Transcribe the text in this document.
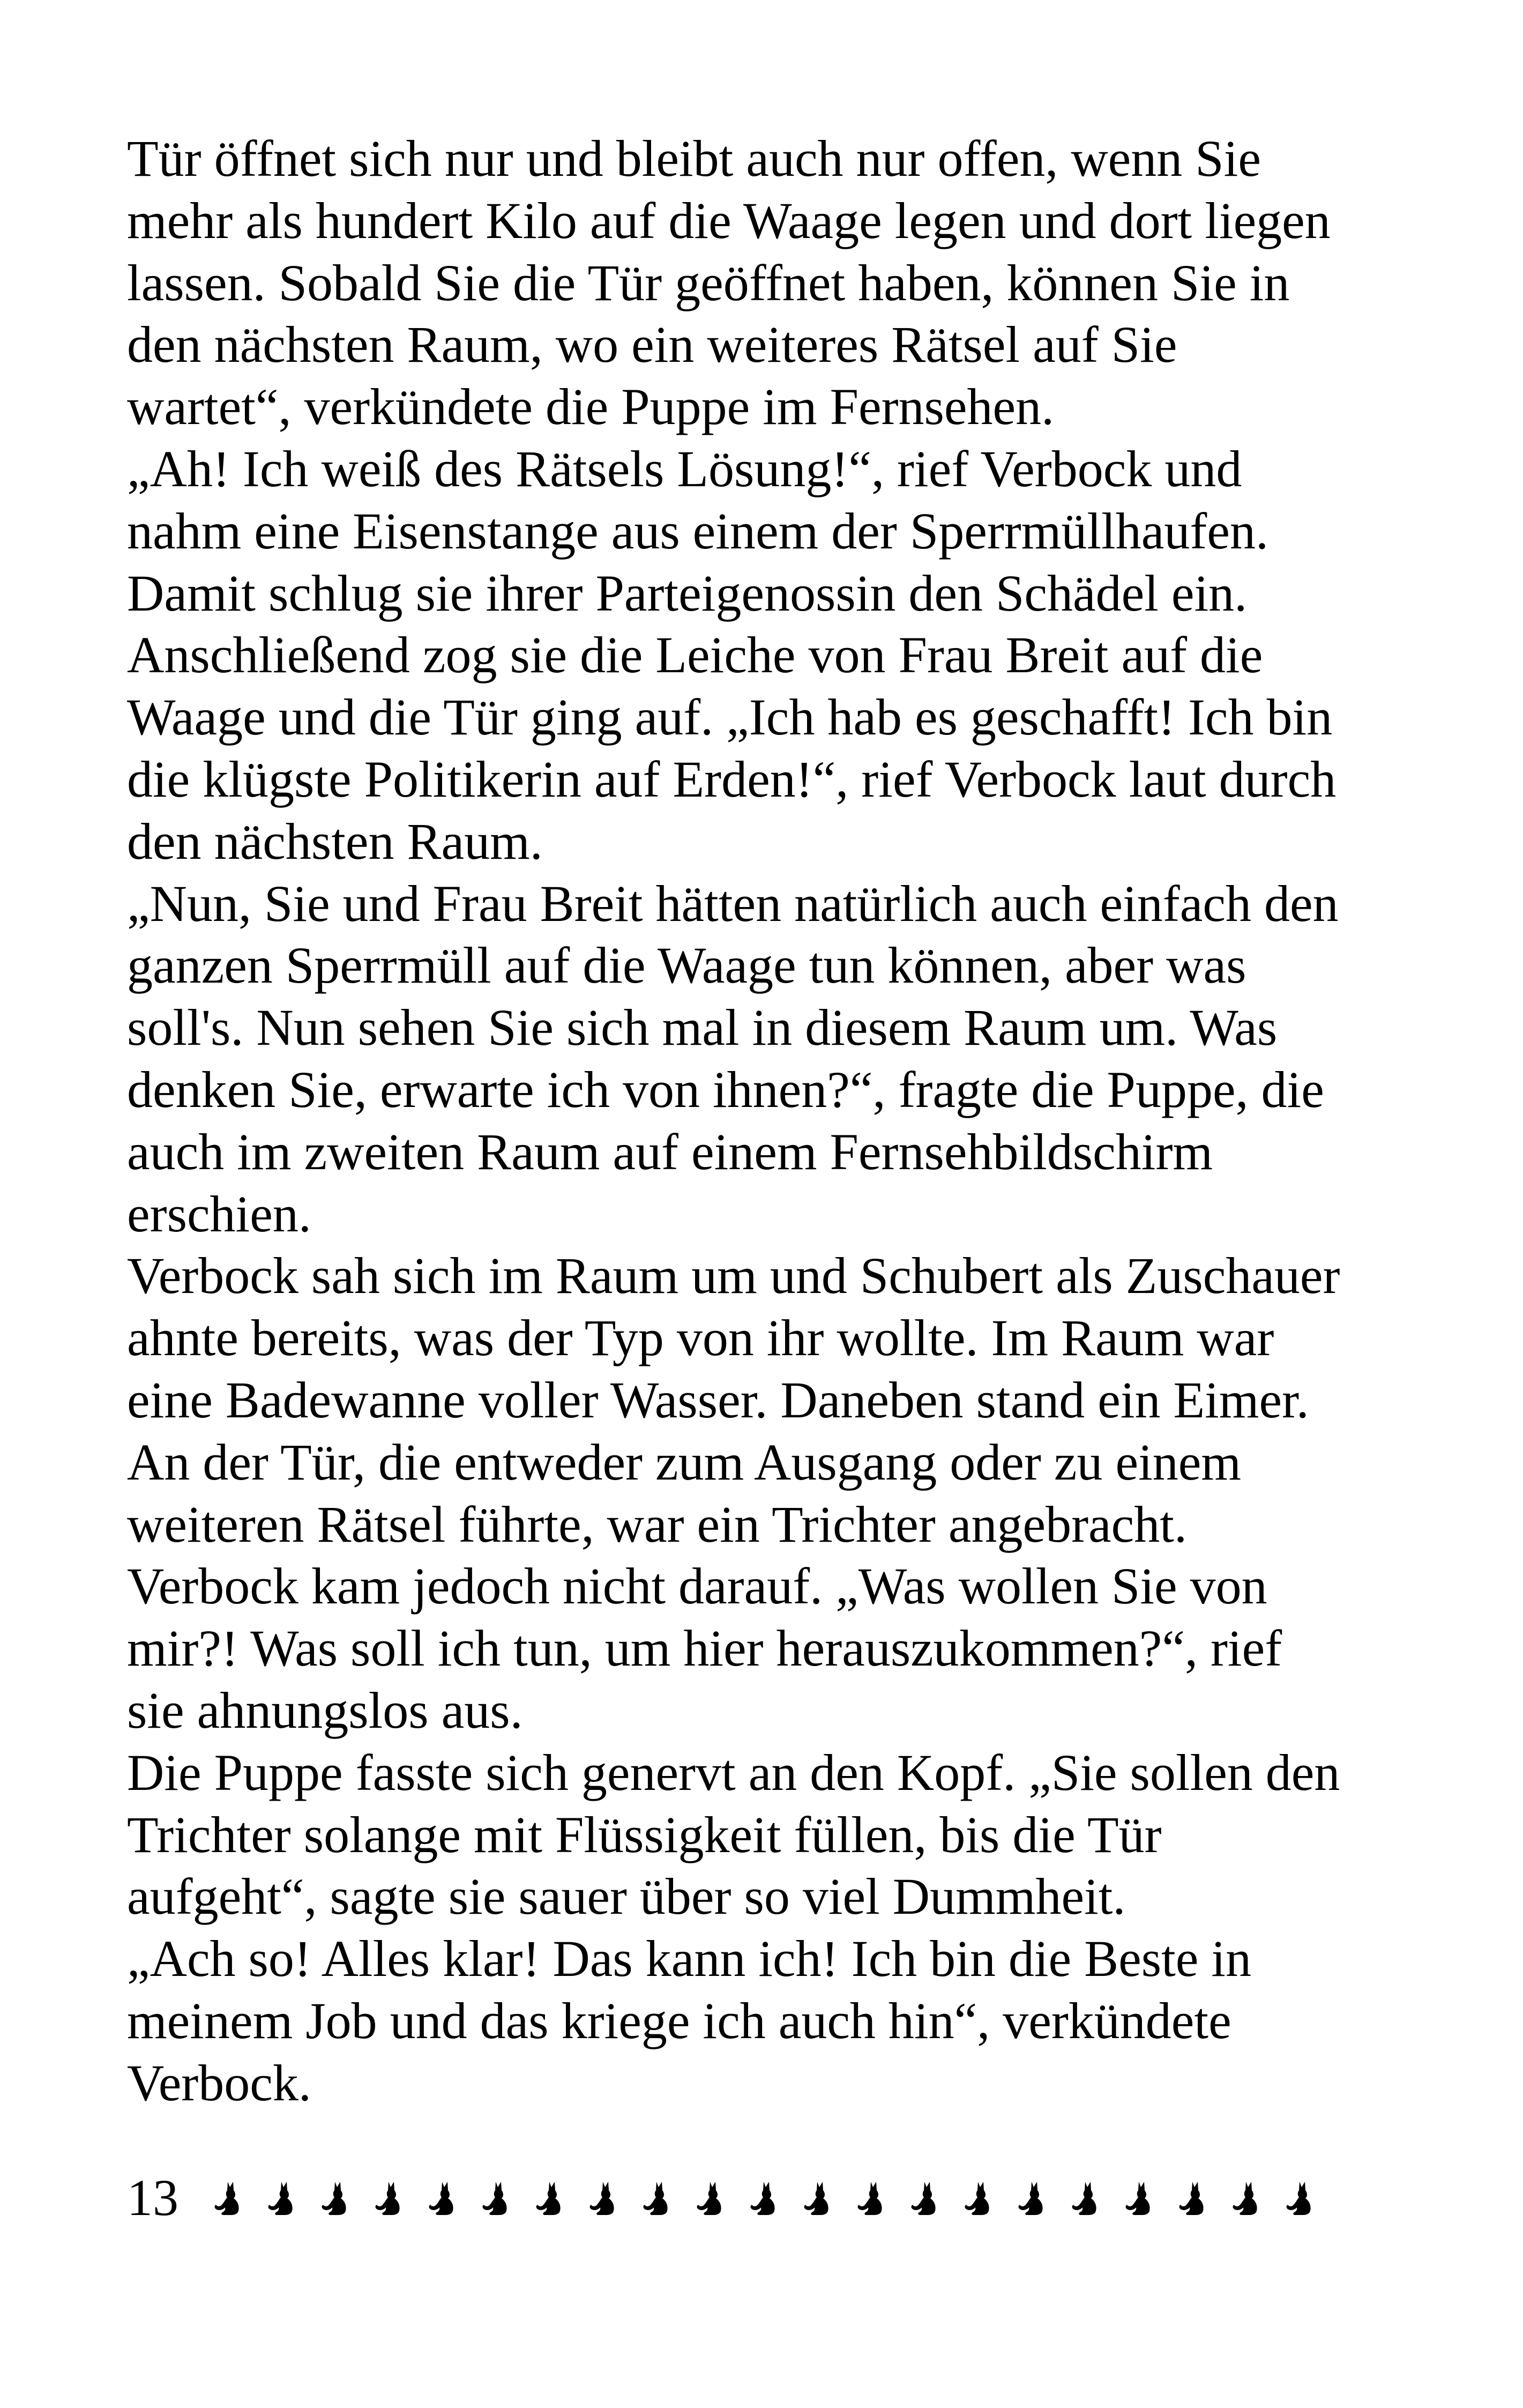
Tür öffnet sich nur und bleibt auch nur offen, wenn Sie
mehr als hundert Kilo auf die Waage legen und dort liegen
lassen. Sobald Sie die Tür geöffnet haben, können Sie in
den nächsten Raum, wo ein weiteres Rätsel auf Sie
wartet“, verkündete die Puppe im Fernsehen.
„Ah! Ich weiß des Rätsels Lösung!“, rief Verbock und
nahm eine Eisenstange aus einem der Sperrmüllhaufen.
Damit schlug sie ihrer Parteigenossin den Schädel ein.
Anschließend zog sie die Leiche von Frau Breit auf die
Waage und die Tür ging auf. „Ich hab es geschafft! Ich bin
die klügste Politikerin auf Erden!“, rief Verbock laut durch
den nächsten Raum.
„Nun, Sie und Frau Breit hätten natürlich auch einfach den
ganzen Sperrmüll auf die Waage tun können, aber was
soll's. Nun sehen Sie sich mal in diesem Raum um. Was
denken Sie, erwarte ich von ihnen?“, fragte die Puppe, die
auch im zweiten Raum auf einem Fernsehbildschirm
erschien.
Verbock sah sich im Raum um und Schubert als Zuschauer
ahnte bereits, was der Typ von ihr wollte. Im Raum war
eine Badewanne voller Wasser. Daneben stand ein Eimer.
An der Tür, die entweder zum Ausgang oder zu einem
weiteren Rätsel führte, war ein Trichter angebracht.
Verbock kam jedoch nicht darauf. „Was wollen Sie von
mir?! Was soll ich tun, um hier herauszukommen?“, rief
sie ahnungslos aus.
Die Puppe fasste sich genervt an den Kopf. „Sie sollen den
Trichter solange mit Flüssigkeit füllen, bis die Tür
aufgeht“, sagte sie sauer über so viel Dummheit.
„Ach so! Alles klar! Das kann ich! Ich bin die Beste in
meinem Job und das kriege ich auch hin“, verkündete
Verbock.
13
